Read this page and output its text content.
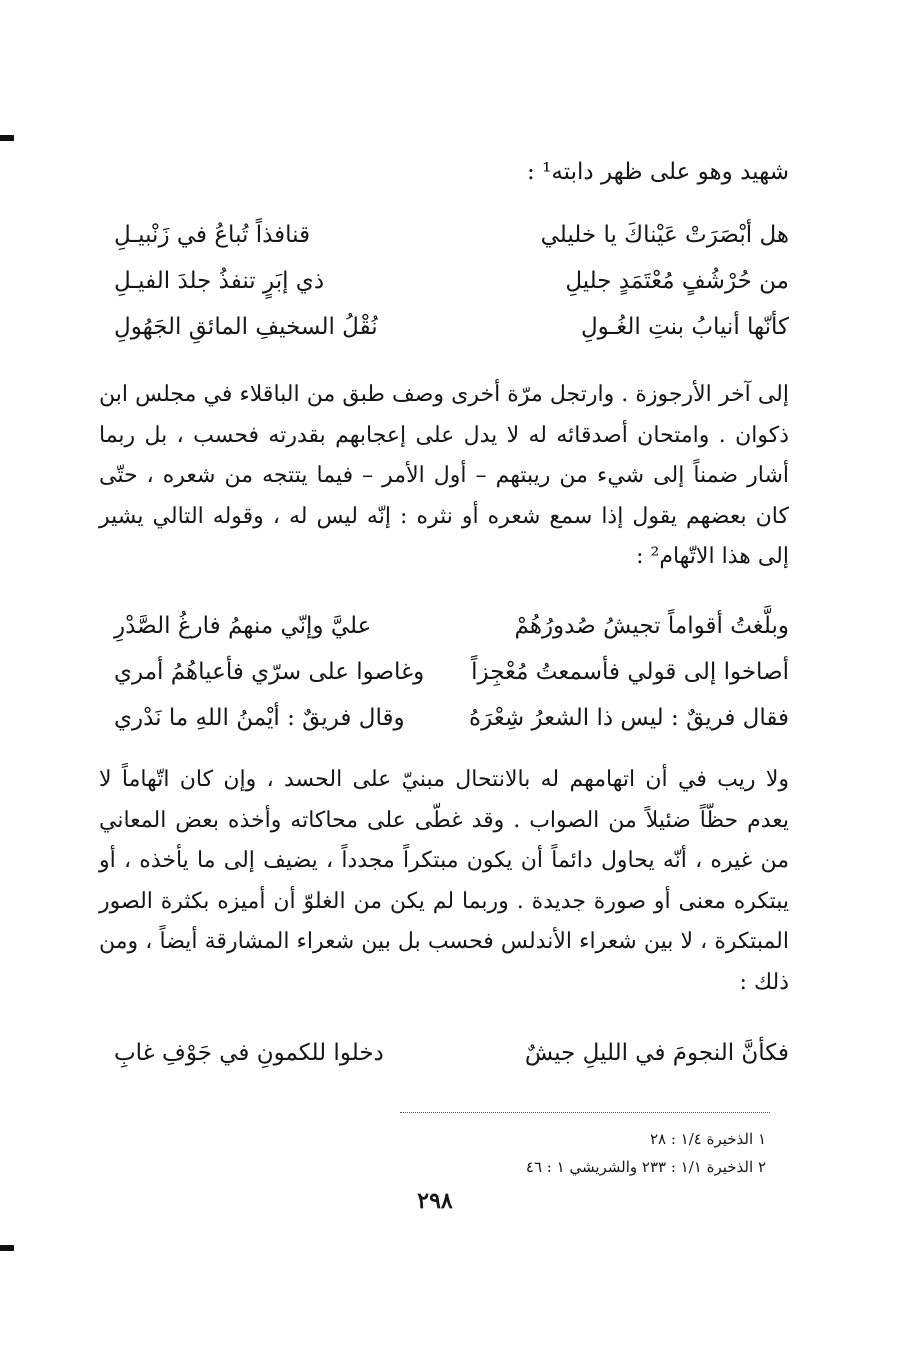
شهيد وهو على ظهر دابته¹ :
هل أبْصَرَتْ عَيْناكَ يا خليلي
قنافذاً تُباعُ في زَنْبيـلِ
من حُرْشُفٍ مُعْتَمَدٍ جليلِ
ذي إبَرٍ تنفذُ جلدَ الفيـلِ
كأنّها أنيابُ بنتِ الغُـولِ
نُقْلُ السخيفِ المائقِ الجَهُولِ
إلى آخر الأرجوزة . وارتجل مرّة أخرى وصف طبق من الباقلاء في مجلس ابن ذكوان . وامتحان أصدقائه له لا يدل على إعجابهم بقدرته فحسب ، بل ربما أشار ضمناً إلى شيء من ريبتهم – أول الأمر – فيما يتتجه من شعره ، حتّى كان بعضهم يقول إذا سمع شعره أو نثره : إنّه ليس له ، وقوله التالي يشير إلى هذا الاتّهام² :
وبلَّغتُ أقواماً تجيشُ صُدورُهُمْ
عليَّ وإنّي منهمُ فارغُ الصَّدْرِ
أصاخوا إلى قولي فأسمعتُ مُعْجِزاً
وغاصوا على سرّي فأعياهُمُ أمري
فقال فريقٌ : ليس ذا الشعرُ شِعْرَهُ
وقال فريقٌ : أيْمنُ اللهِ ما نَدْري
ولا ريب في أن اتهامهم له بالانتحال مبنيّ على الحسد ، وإن كان اتّهاماً لا يعدم حظّاً ضئيلاً من الصواب . وقد غطّى على محاكاته وأخذه بعض المعاني من غيره ، أنّه يحاول دائماً أن يكون مبتكراً مجدداً ، يضيف إلى ما يأخذه ، أو يبتكره معنى أو صورة جديدة . وربما لم يكن من الغلوّ أن أميزه بكثرة الصور المبتكرة ، لا بين شعراء الأندلس فحسب بل بين شعراء المشارقة أيضاً ، ومن ذلك :
فكأنَّ النجومَ في الليلِ جيشٌ
دخلوا للكمونِ في جَوْفِ غابِ
١ الذخيرة ١/٤ : ٢٨
٢ الذخيرة ١/١ : ٢٣٣ والشريشي ١ : ٤٦
٢٩٨
